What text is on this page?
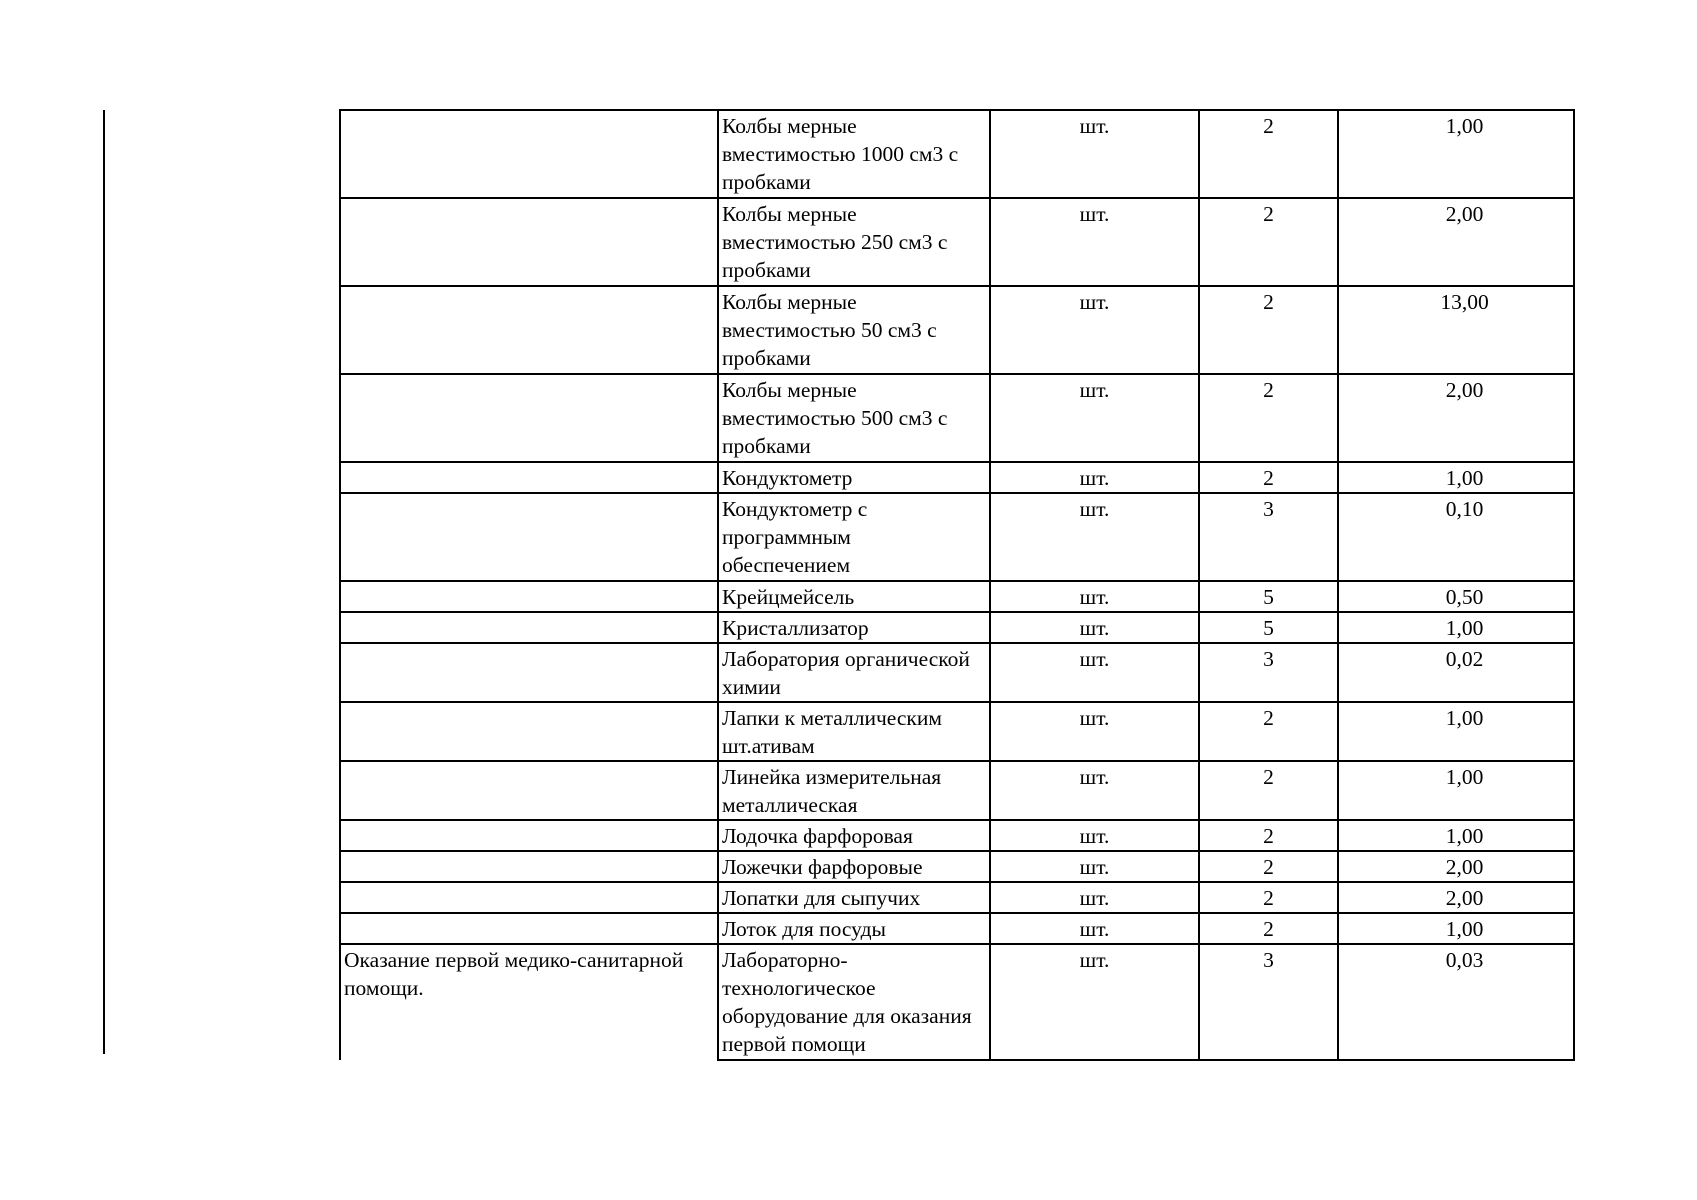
	Колбы мерные
вместимостью 1000 см3 с
пробками	шт.	2	1,00

	Колбы мерные
вместимостью 250 см3 с
пробками	шт.	2	2,00

	Колбы мерные
вместимостью 50 см3 с
пробками	шт.	2	13,00

	Колбы мерные
вместимостью 500 см3 с
пробками	шт.	2	2,00

	Кондуктометр	шт.	2	1,00

	Кондуктометр с
программным
обеспечением	шт.	3	0,10

	Крейцмейсель	шт.	5	0,50

	Кристаллизатор	шт.	5	1,00

	Лаборатория органической
химии	шт.	3	0,02

	Лапки к металлическим
шт.ативам	шт.	2	1,00

	Линейка измерительная
металлическая	шт.	2	1,00

	Лодочка фарфоровая	шт.	2	1,00

	Ложечки фарфоровые	шт.	2	2,00

	Лопатки для сыпучих	шт.	2	2,00

	Лоток для посуды	шт.	2	1,00

Оказание первой медико-санитарной
помощи.	Лабораторно-
технологическое
оборудование для оказания
первой помощи	шт.	3	0,03
